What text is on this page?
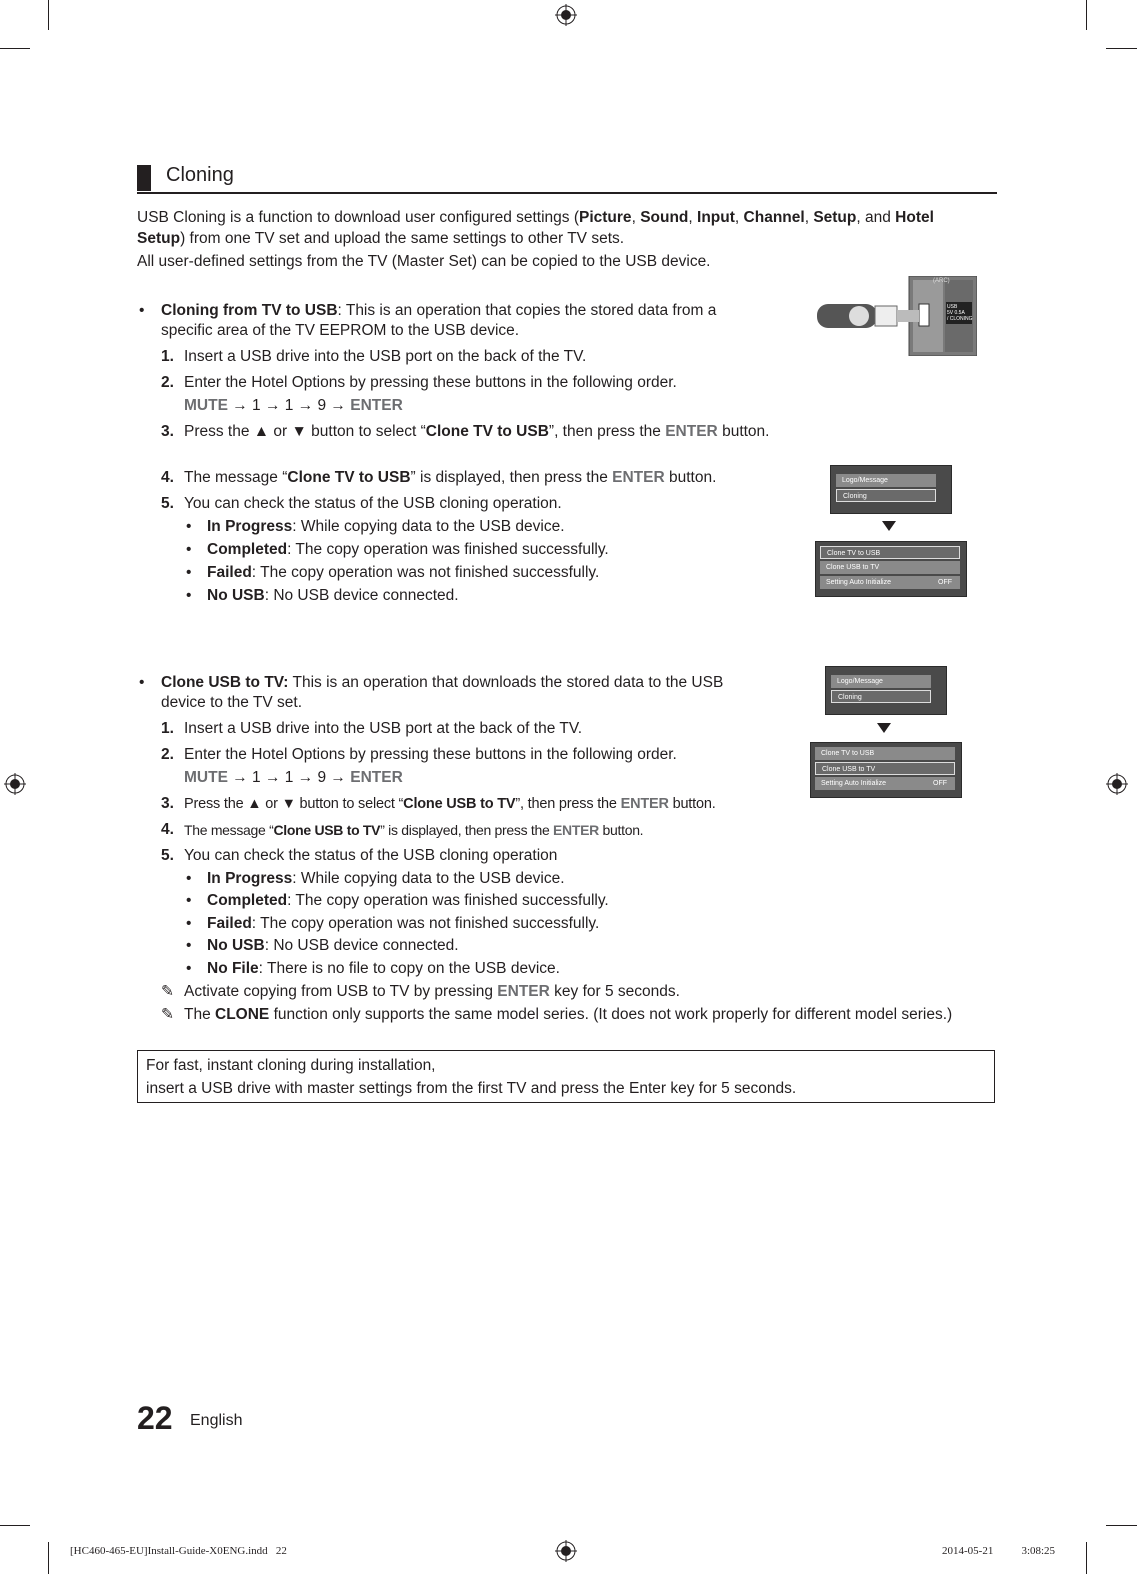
Cloning
USB Cloning is a function to download user configured settings (Picture, Sound, Input, Channel, Setup, and Hotel
Setup) from one TV set and upload the same settings to other TV sets.
All user-defined settings from the TV (Master Set) can be copied to the USB device.
• Cloning from TV to USB: This is an operation that copies the stored data from a
specific area of the TV EEPROM to the USB device.
1. Insert a USB drive into the USB port on the back of the TV.
2. Enter the Hotel Options by pressing these buttons in the following order.
MUTE → 1 → 1 → 9 → ENTER
3. Press the ▲ or ▼ button to select “Clone TV to USB”, then press the ENTER button.
4. The message “Clone TV to USB” is displayed, then press the ENTER button.
5. You can check the status of the USB cloning operation.
• In Progress: While copying data to the USB device.
• Completed: The copy operation was finished successfully.
• Failed: The copy operation was not finished successfully.
• No USB: No USB device connected.
(ARC)
USB
5V 0.5A
/ CLONING
Logo/Message
Cloning
Clone TV to USB
Clone USB to TV
Setting Auto Initialize	OFF
• Clone USB to TV: This is an operation that downloads the stored data to the USB
device to the TV set.
1. Insert a USB drive into the USB port at the back of the TV.
2. Enter the Hotel Options by pressing these buttons in the following order.
MUTE → 1 → 1 → 9 → ENTER
3. Press the ▲ or ▼ button to select “Clone USB to TV”, then press the ENTER button.
4. The message “Clone USB to TV” is displayed, then press the ENTER button.
5. You can check the status of the USB cloning operation
• In Progress: While copying data to the USB device.
• Completed: The copy operation was finished successfully.
• Failed: The copy operation was not finished successfully.
• No USB: No USB device connected.
• No File: There is no file to copy on the USB device.
✎ Activate copying from USB to TV by pressing ENTER key for 5 seconds.
✎ The CLONE function only supports the same model series. (It does not work properly for different model series.)
Logo/Message
Cloning
Clone TV to USB
Clone USB to TV
Setting Auto Initialize	OFF
For fast, instant cloning during installation,
insert a USB drive with master settings from the first TV and press the Enter key for 5 seconds.
22 English
[HC460-465-EU]Install-Guide-X0ENG.indd   22	2014-05-21   ￿￿ 3:08:25
